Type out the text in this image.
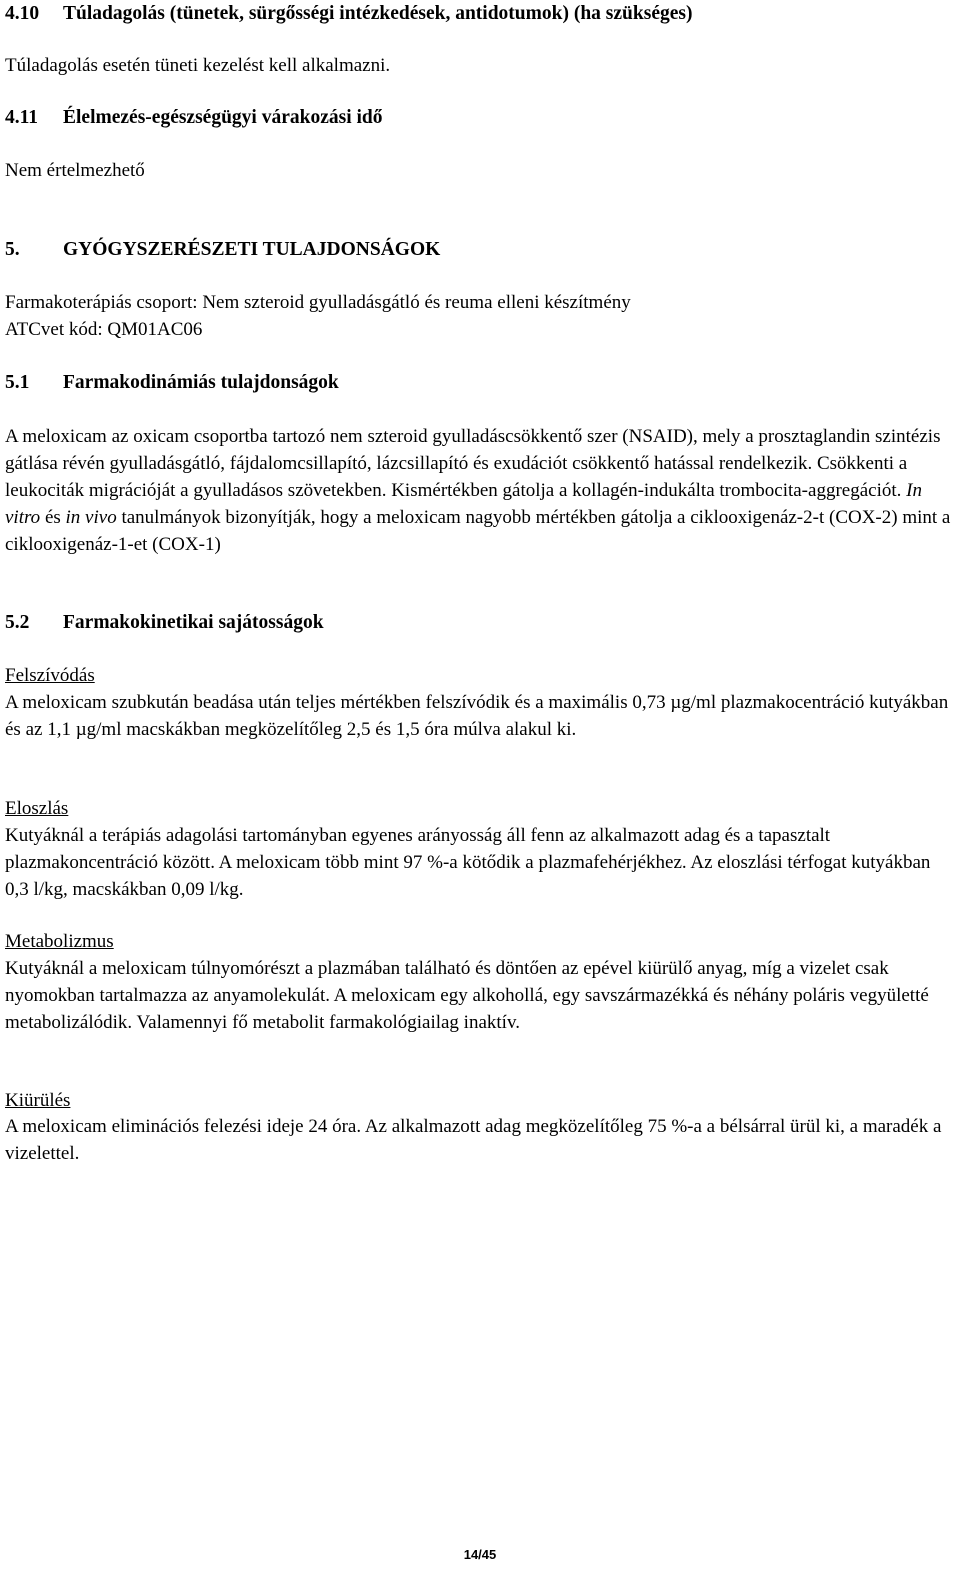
4.10 Túladagolás (tünetek, sürgősségi intézkedések, antidotumok) (ha szükséges)

Túladagolás esetén tüneti kezelést kell alkalmazni.

4.11 Élelmezés-egészségügyi várakozási idő

Nem értelmezhető

5. GYÓGYSZERÉSZETI TULAJDONSÁGOK

Farmakoterápiás csoport: Nem szteroid gyulladásgátló és reuma elleni készítmény

ATCvet kód: QM01AC06

5.1 Farmakodinámiás tulajdonságok

A meloxicam az oxicam csoportba tartozó nem szteroid gyulladáscsökkentő szer (NSAID), mely a prosztaglandin szintézis gátlása révén gyulladásgátló, fájdalomcsillapító, lázcsillapító és exudációt csökkentő hatással rendelkezik. Csökkenti a leukociták migrációját a gyulladásos szövetekben. Kismértékben gátolja a kollagén-indukálta trombocita-aggregációt. In vitro és in vivo tanulmányok bizonyítják, hogy a meloxicam nagyobb mértékben gátolja a ciklooxigenáz-2-t (COX-2) mint a ciklooxigenáz-1-et (COX-1)

5.2 Farmakokinetikai sajátosságok

Felszívódás

A meloxicam szubkután beadása után teljes mértékben felszívódik és a maximális 0,73 µg/ml plazmakocentráció kutyákban és az 1,1 µg/ml macskákban megközelítőleg 2,5 és 1,5 óra múlva alakul ki.

Eloszlás

Kutyáknál a terápiás adagolási tartományban egyenes arányosság áll fenn az alkalmazott adag és a tapasztalt plazmakoncentráció között. A meloxicam több mint 97 %-a kötődik a plazmafehérjékhez. Az eloszlási térfogat kutyákban 0,3 l/kg, macskákban 0,09 l/kg.

Metabolizmus

Kutyáknál a meloxicam túlnyomórészt a plazmában található és döntően az epével kiürülő anyag, míg a vizelet csak nyomokban tartalmazza az anyamolekulát. A meloxicam egy alkohollá, egy savszármazékká és néhány poláris vegyületté metabolizálódik. Valamennyi fő metabolit farmakológiailag inaktív.

Kiürülés

A meloxicam eliminációs felezési ideje 24 óra. Az alkalmazott adag megközelítőleg 75 %-a a bélsárral ürül ki, a maradék a vizelettel.

14/45
